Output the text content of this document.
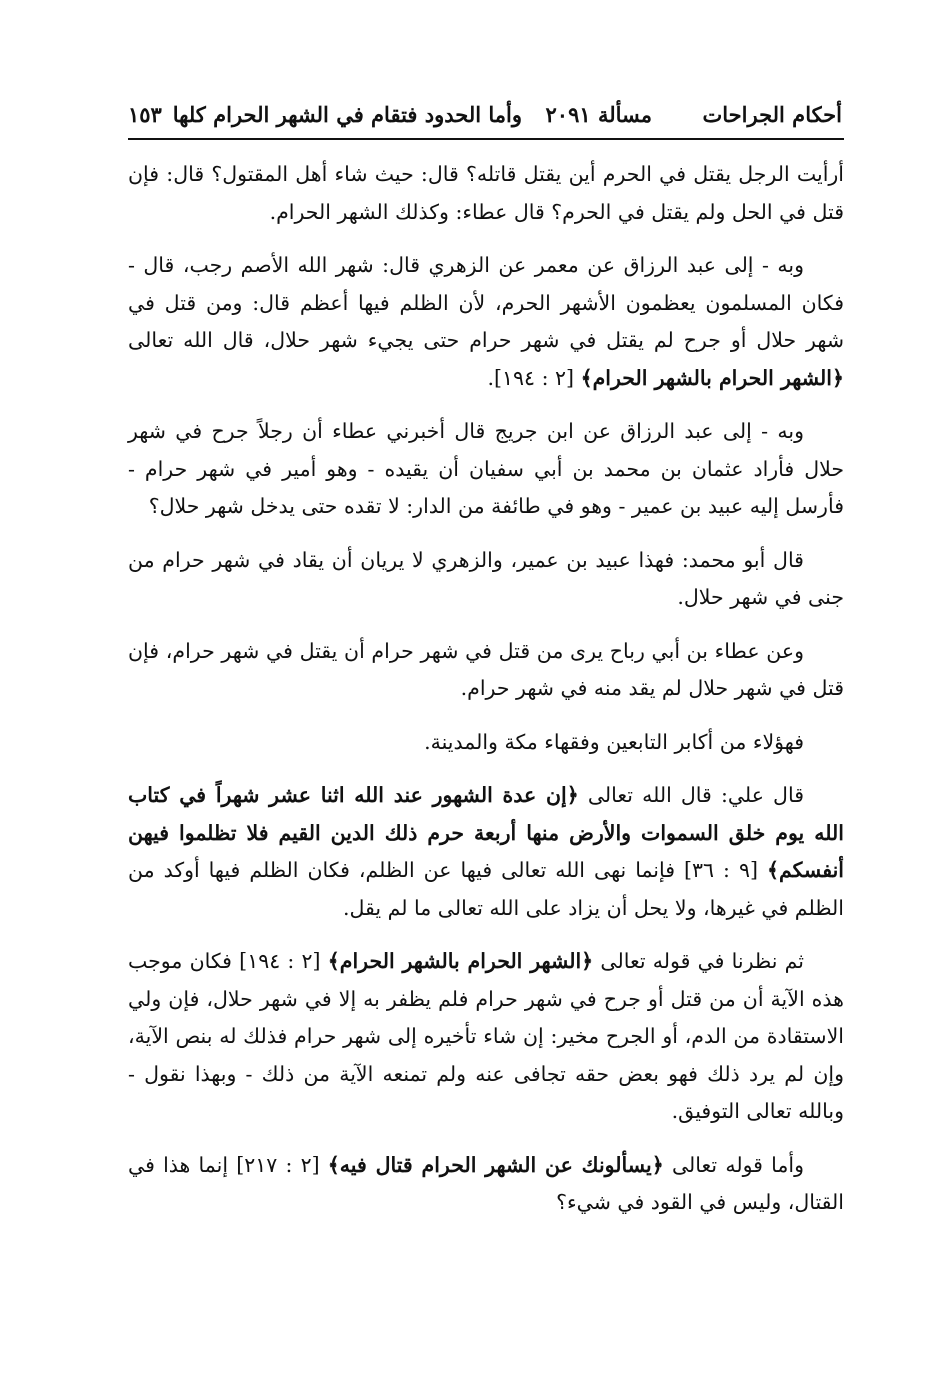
أحكام الجراحات
مسألة ٢٠٩١
وأما الحدود فتقام في الشهر الحرام كلها
١٥٣

أرأيت الرجل يقتل في الحرم أين يقتل قاتله؟ قال: حيث شاء أهل المقتول؟ قال: فإن قتل في الحل ولم يقتل في الحرم؟ قال عطاء: وكذلك الشهر الحرام.

وبه - إلى عبد الرزاق عن معمر عن الزهري قال: شهر الله الأصم رجب، قال - فكان المسلمون يعظمون الأشهر الحرم، لأن الظلم فيها أعظم قال: ومن قتل في شهر حلال أو جرح لم يقتل في شهر حرام حتى يجيء شهر حلال، قال الله تعالى ﴿الشهر الحرام بالشهر الحرام﴾ [٢ : ١٩٤].

وبه - إلى عبد الرزاق عن ابن جريج قال أخبرني عطاء أن رجلاً جرح في شهر حلال فأراد عثمان بن محمد بن أبي سفيان أن يقيده - وهو أمير في شهر حرام - فأرسل إليه عبيد بن عمير - وهو في طائفة من الدار: لا تقده حتى يدخل شهر حلال؟

قال أبو محمد: فهذا عبيد بن عمير، والزهري لا يريان أن يقاد في شهر حرام من جنى في شهر حلال.

وعن عطاء بن أبي رباح يرى من قتل في شهر حرام أن يقتل في شهر حرام، فإن قتل في شهر حلال لم يقد منه في شهر حرام.

فهؤلاء من أكابر التابعين وفقهاء مكة والمدينة.

قال علي: قال الله تعالى ﴿إن عدة الشهور عند الله اثنا عشر شهراً في كتاب الله يوم خلق السموات والأرض منها أربعة حرم ذلك الدين القيم فلا تظلموا فيهن أنفسكم﴾ [٩ : ٣٦] فإنما نهى الله تعالى فيها عن الظلم، فكان الظلم فيها أوكد من الظلم في غيرها، ولا يحل أن يزاد على الله تعالى ما لم يقل.

ثم نظرنا في قوله تعالى ﴿الشهر الحرام بالشهر الحرام﴾ [٢ : ١٩٤] فكان موجب هذه الآية أن من قتل أو جرح في شهر حرام فلم يظفر به إلا في شهر حلال، فإن ولي الاستقادة من الدم، أو الجرح مخير: إن شاء تأخيره إلى شهر حرام فذلك له بنص الآية، وإن لم يرد ذلك فهو بعض حقه تجافى عنه ولم تمنعه الآية من ذلك - وبهذا نقول - وبالله تعالى التوفيق.

وأما قوله تعالى ﴿يسألونك عن الشهر الحرام قتال فيه﴾ [٢ : ٢١٧] إنما هذا في القتال، وليس في القود في شيء؟
